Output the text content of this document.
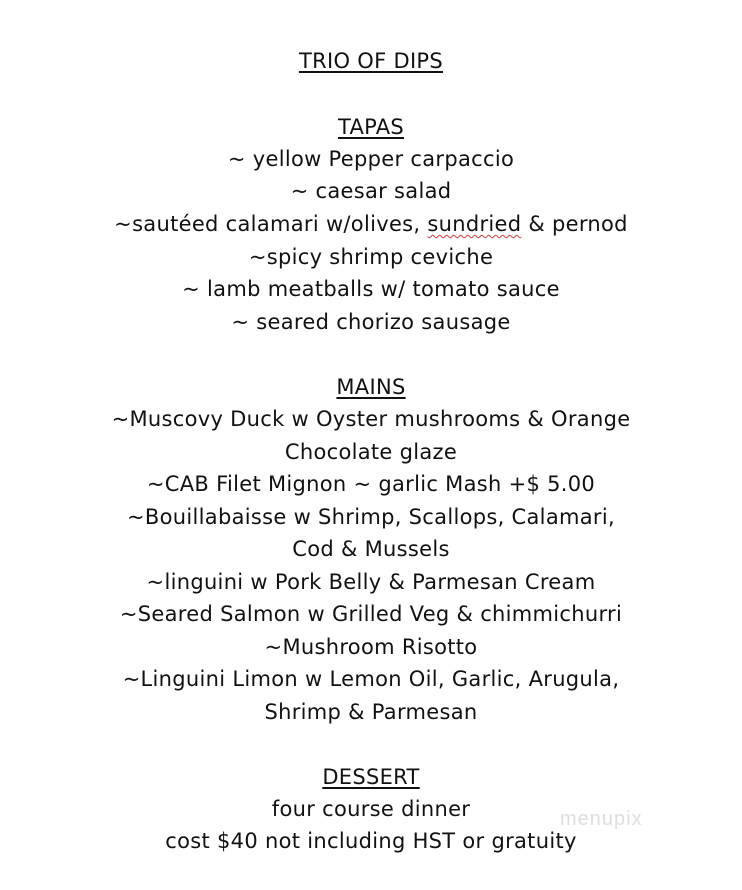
TRIO OF DIPS
TAPAS
~ yellow Pepper carpaccio
~ caesar salad
~sautéed calamari w/olives, sundried & pernod
~spicy shrimp ceviche
~ lamb meatballs w/ tomato sauce
~ seared chorizo sausage
MAINS
~Muscovy Duck w Oyster mushrooms & Orange
Chocolate glaze
~CAB Filet Mignon ~ garlic Mash +$ 5.00
~Bouillabaisse w Shrimp, Scallops, Calamari,
Cod & Mussels
~linguini w Pork Belly & Parmesan Cream
~Seared Salmon w Grilled Veg & chimmichurri
~Mushroom Risotto
~Linguini Limon w Lemon Oil, Garlic, Arugula,
Shrimp & Parmesan
DESSERT
four course dinner
cost $40 not including HST or gratuity
menupix
